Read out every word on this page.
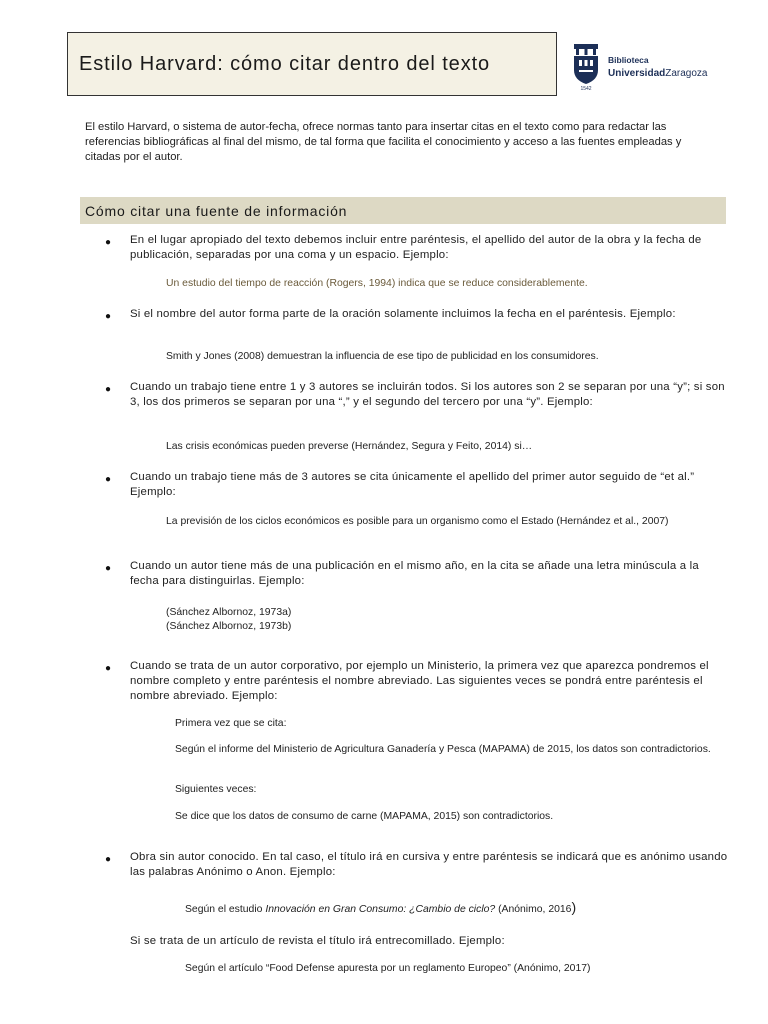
Estilo Harvard: cómo citar dentro del texto
1542
Biblioteca
UniversidadZaragoza
El estilo Harvard, o sistema de autor-fecha, ofrece normas tanto para insertar citas en el texto como para redactar las referencias bibliográficas al final del mismo, de tal forma que facilita el conocimiento y acceso a las fuentes empleadas y citadas por el autor.
Cómo citar una fuente de información
● En el lugar apropiado del texto debemos incluir entre paréntesis, el apellido del autor de la obra y la fecha de publicación, separadas por una coma y un espacio. Ejemplo:
Un estudio del tiempo de reacción (Rogers, 1994) indica que se reduce considerablemente.
● Si el nombre del autor forma parte de la oración solamente incluimos la fecha en el paréntesis. Ejemplo:
Smith y Jones (2008) demuestran la influencia de ese tipo de publicidad en los consumidores.
● Cuando un trabajo tiene entre 1 y 3 autores se incluirán todos. Si los autores son 2 se separan por una “y”; si son 3, los dos primeros se separan por una “,” y el segundo del tercero por una “y”. Ejemplo:
Las crisis económicas pueden preverse (Hernández, Segura y Feito, 2014) si…
● Cuando un trabajo tiene más de 3 autores se cita únicamente el apellido del primer autor seguido de “et al.” Ejemplo:
La previsión de los ciclos económicos es posible para un organismo como el Estado (Hernández et al., 2007)
● Cuando un autor tiene más de una publicación en el mismo año, en la cita se añade una letra minúscula a la fecha para distinguirlas. Ejemplo:
(Sánchez Albornoz, 1973a)
(Sánchez Albornoz, 1973b)
● Cuando se trata de un autor corporativo, por ejemplo un Ministerio, la primera vez que aparezca pondremos el nombre completo y entre paréntesis el nombre abreviado. Las siguientes veces se pondrá entre paréntesis el nombre abreviado. Ejemplo:
Primera vez que se cita:
Según el informe del Ministerio de Agricultura Ganadería y Pesca (MAPAMA) de 2015, los datos son contradictorios.
Siguientes veces:
Se dice que los datos de consumo de carne (MAPAMA, 2015) son contradictorios.
● Obra sin autor conocido. En tal caso, el título irá en cursiva y entre paréntesis se indicará que es anónimo usando las palabras Anónimo o Anon. Ejemplo:
Según el estudio Innovación en Gran Consumo: ¿Cambio de ciclo? (Anónimo, 2016)
Si se trata de un artículo de revista el título irá entrecomillado. Ejemplo:
Según el artículo “Food Defense apuresta por un reglamento Europeo” (Anónimo, 2017)
